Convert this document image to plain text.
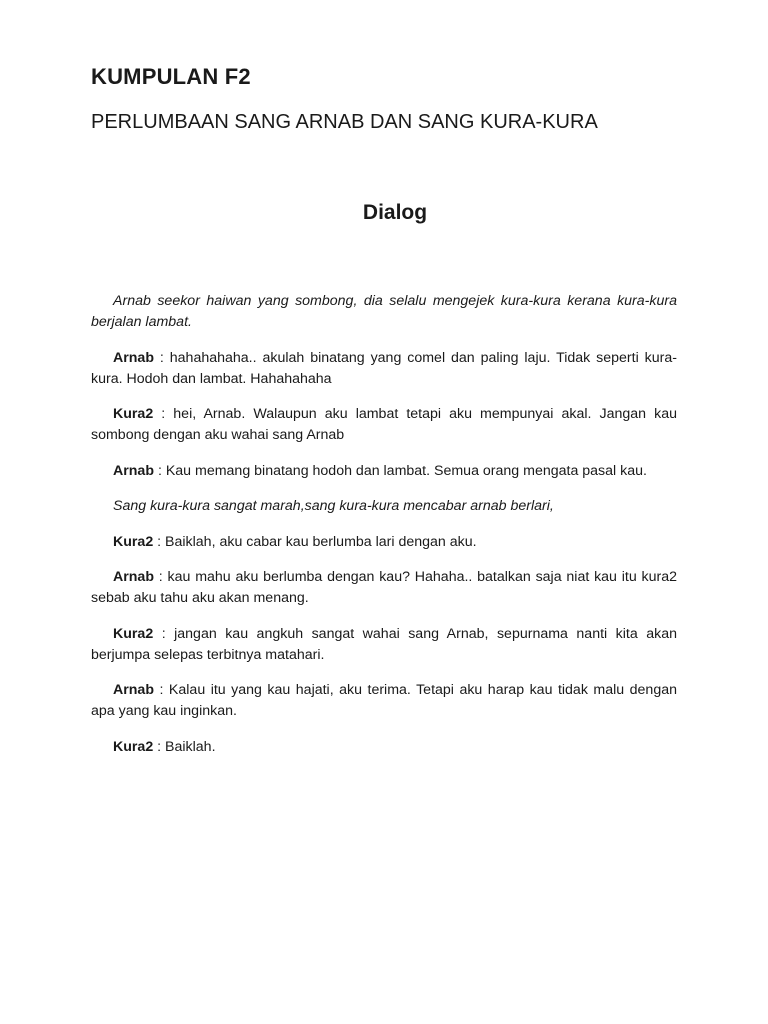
KUMPULAN F2
PERLUMBAAN SANG ARNAB DAN SANG KURA-KURA
Dialog

Arnab seekor haiwan yang sombong, dia selalu mengejek kura-kura kerana kura-kura berjalan lambat.

Arnab : hahahahaha.. akulah binatang yang comel dan paling laju. Tidak seperti kura-kura. Hodoh dan lambat. Hahahahaha

Kura2 : hei, Arnab. Walaupun aku lambat tetapi aku mempunyai akal. Jangan kau sombong dengan aku wahai sang Arnab

Arnab : Kau memang binatang hodoh dan lambat. Semua orang mengata pasal kau.

Sang kura-kura sangat marah,sang kura-kura mencabar arnab berlari,

Kura2 : Baiklah, aku cabar kau berlumba lari dengan aku.

Arnab : kau mahu aku berlumba dengan kau? Hahaha.. batalkan saja niat kau itu kura2 sebab aku tahu aku akan menang.

Kura2 : jangan kau angkuh sangat wahai sang Arnab, sepurnama nanti kita akan berjumpa selepas terbitnya matahari.

Arnab : Kalau itu yang kau hajati, aku terima. Tetapi aku harap kau tidak malu dengan apa yang kau inginkan.

Kura2 : Baiklah.
